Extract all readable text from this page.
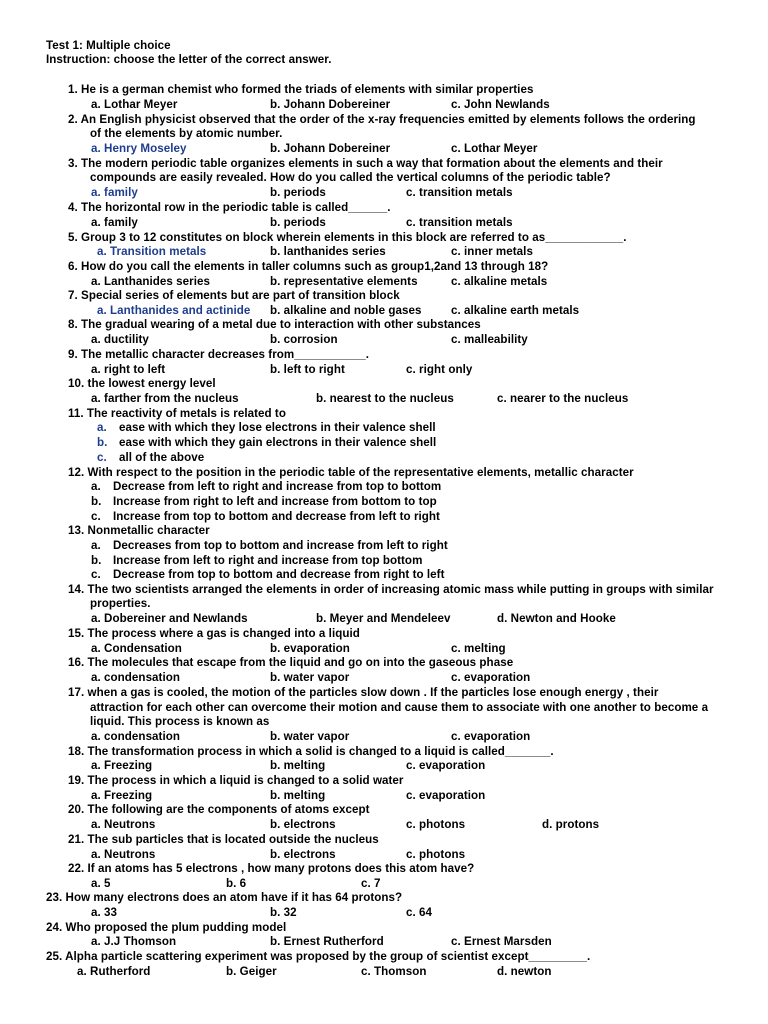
Test 1: Multiple choice
Instruction: choose the letter of the correct answer.
1. He is a german chemist who formed the triads of elements with similar properties
a. Lothar Meyer	b. Johann Dobereiner	c. John Newlands
2. An English physicist observed that the order of the x-ray frequencies emitted by elements follows the ordering
of the elements by atomic number.
a. Henry Moseley	b. Johann Dobereiner	c. Lothar Meyer
3. The modern periodic table organizes elements in such a way that formation about the elements and their
compounds are easily revealed. How do you called the vertical columns of the periodic table?
a. family	b. periods	c. transition metals
4. The horizontal row in the periodic table is called______.
a. family	b. periods	c. transition metals
5. Group 3 to 12 constitutes on block wherein elements in this block are referred to as____________.
a. Transition metals	b. lanthanides series	c. inner metals
6. How do you call the elements in taller columns such as group1,2and 13 through 18?
a. Lanthanides series	b. representative elements	c. alkaline metals
7. Special series of elements but are part of transition block
a. Lanthanides and actinide b. alkaline and noble gases	c. alkaline earth metals
8. The gradual wearing of a metal due to interaction with other substances
a. ductility	b. corrosion	c. malleability
9. The metallic character decreases from___________.
a. right to left	b. left to right	c. right only
10. the lowest energy level
a. farther from the nucleus	b. nearest to the nucleus	c. nearer to the nucleus
11. The reactivity of metals is related to
a. ease with which they lose electrons in their valence shell
b. ease with which they gain electrons in their valence shell
c. all of the above
12. With respect to the position in the periodic table of the representative elements, metallic character
a. Decrease from left to right and increase from top to bottom
b. Increase from right to left and increase from bottom to top
c. Increase from top to bottom and decrease from left to right
13. Nonmetallic character
a. Decreases from top to bottom and increase from left to right
b. Increase from left to right and increase from top bottom
c. Decrease from top to bottom and decrease from right to left
14. The two scientists arranged the elements in order of increasing atomic mass while putting in groups with similar
properties.
a. Dobereiner and Newlands	b. Meyer and Mendeleev	d. Newton and Hooke
15. The process where a gas is changed into a liquid
a. Condensation	b. evaporation	c. melting
16. The molecules that escape from the liquid and go on into the gaseous phase
a. condensation	b. water vapor	c. evaporation
17. when a gas is cooled, the motion of the particles slow down . If the particles lose enough energy , their
attraction for each other can overcome their motion and cause them to associate with one another to become a
liquid. This process is known as
a. condensation	b. water vapor	c. evaporation
18. The transformation process in which a solid is changed to a liquid is called_______.
a. Freezing	b. melting	c. evaporation
19. The process in which a liquid is changed to a solid water
a. Freezing	b. melting	c. evaporation
20. The following are the components of atoms except
a. Neutrons	b. electrons	c. photons	d. protons
21. The sub particles that is located outside the nucleus
a. Neutrons	b. electrons	c. photons
22. If an atoms has 5 electrons , how many protons does this atom have?
a. 5	b. 6	c. 7
23. How many electrons does an atom have if it has 64 protons?
a. 33	b. 32	c. 64
24. Who proposed the plum pudding model
a. J.J Thomson	b. Ernest Rutherford	c. Ernest Marsden
25. Alpha particle scattering experiment was proposed by the group of scientist except_________.
a. Rutherford	b. Geiger	c. Thomson	d. newton
